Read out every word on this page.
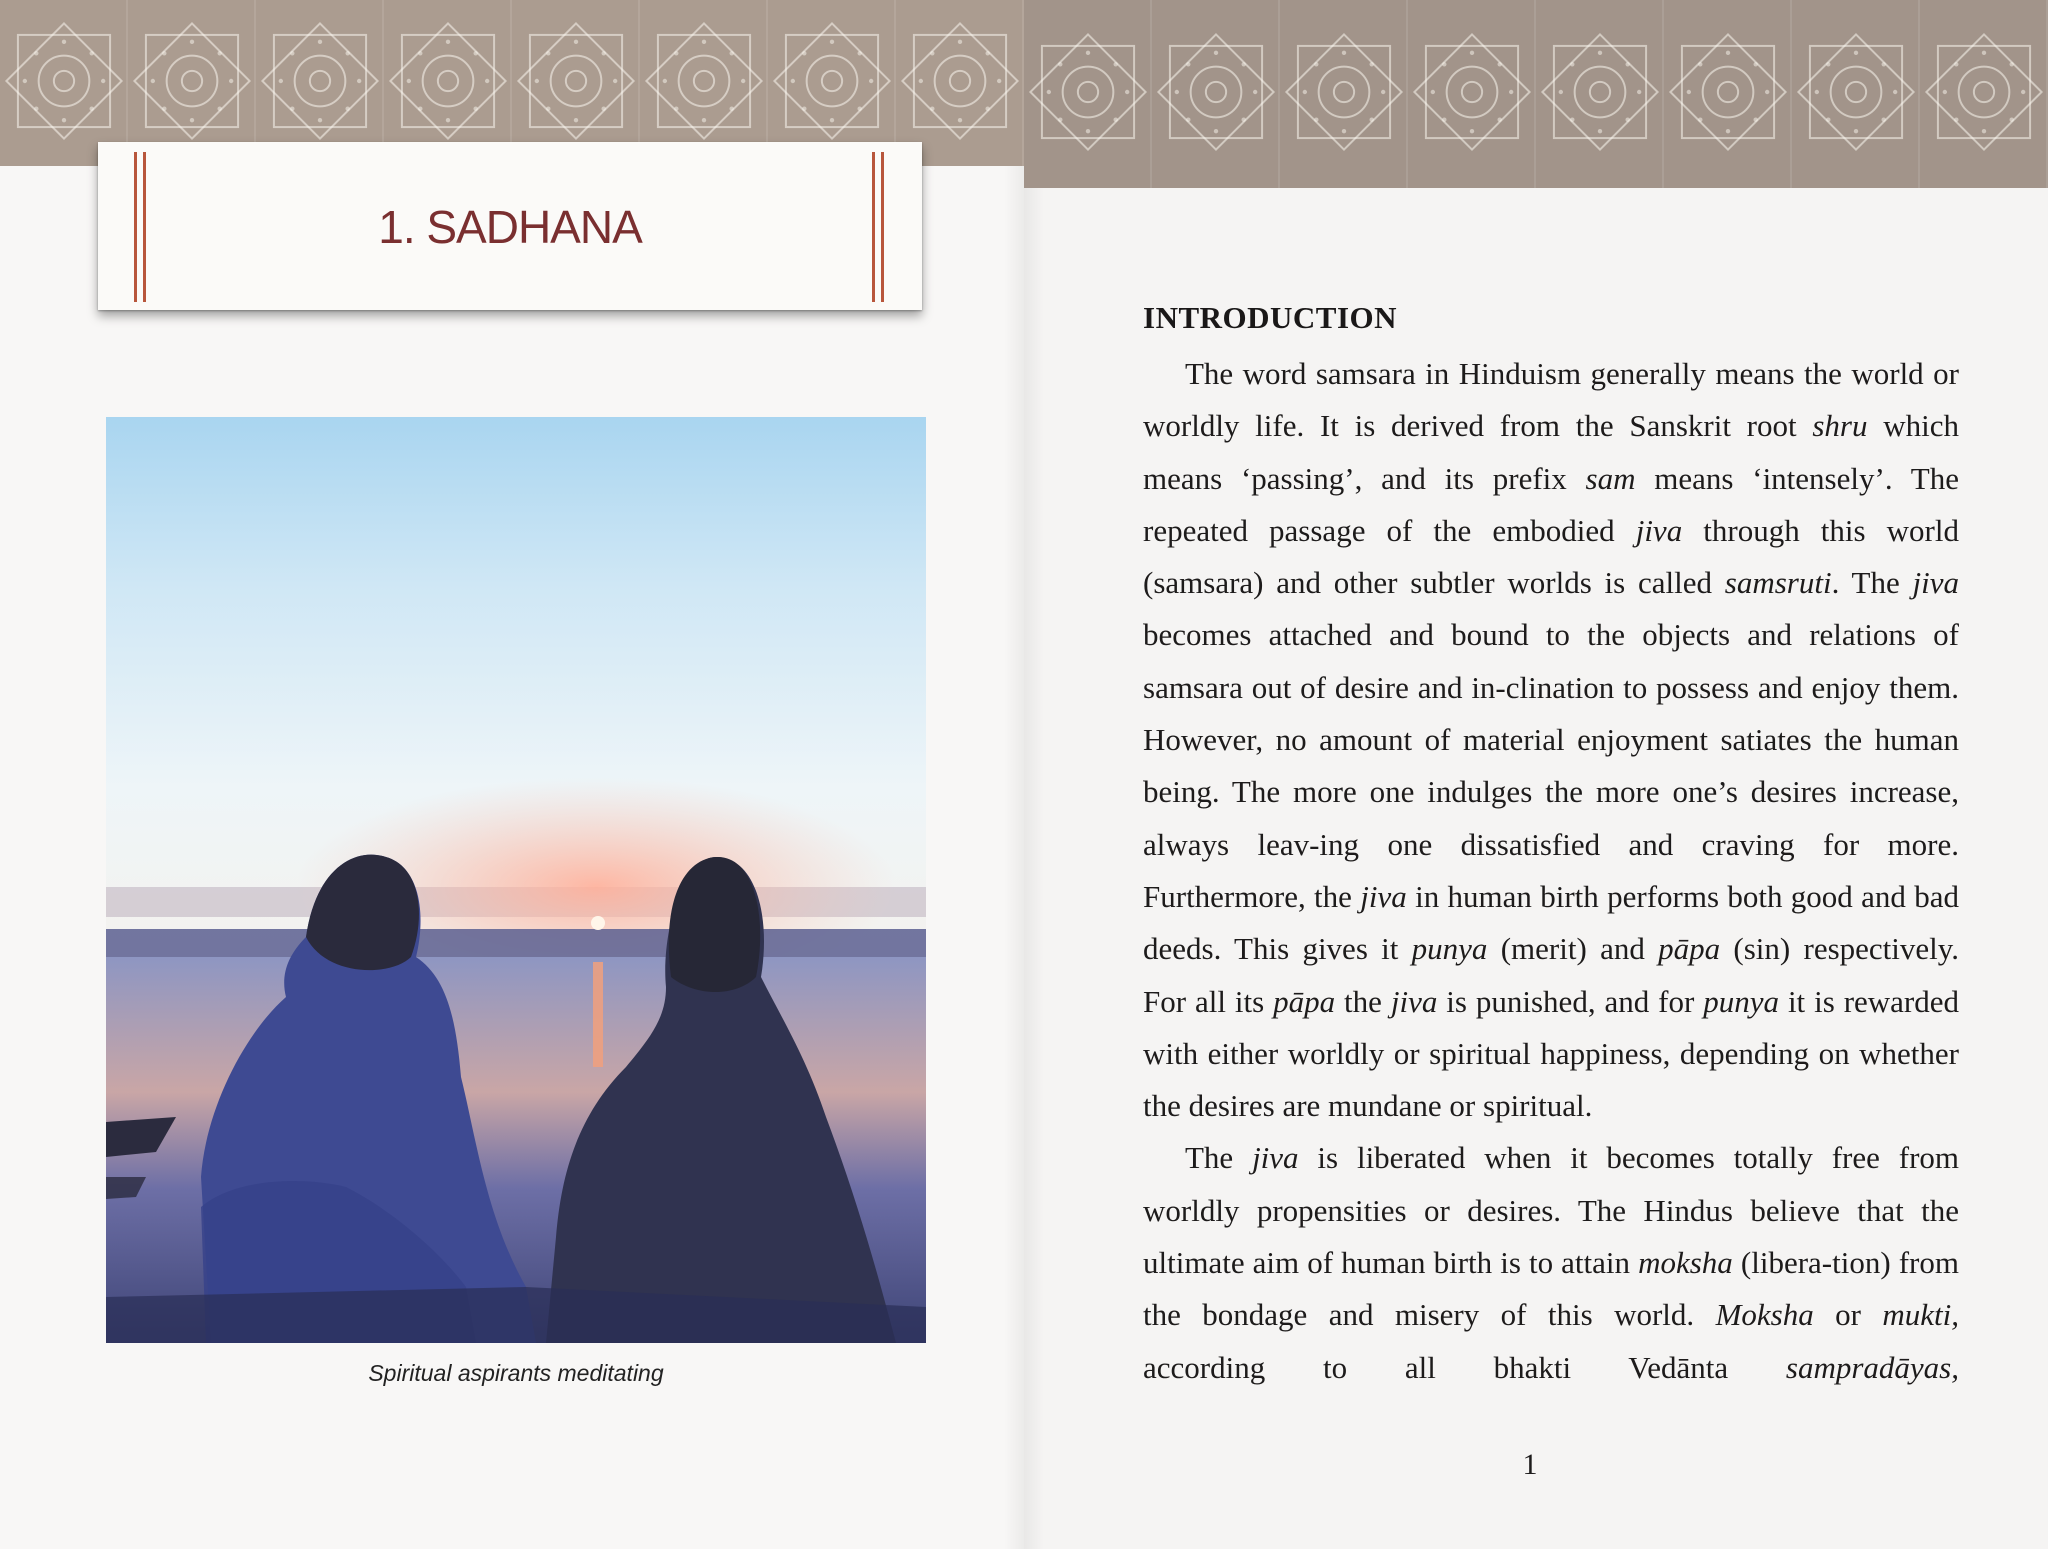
1. SADHANA
Spiritual aspirants meditating
INTRODUCTION

The word samsara in Hinduism generally means the world or worldly life. It is derived from the Sanskrit root shru which means ‘passing’, and its prefix sam means ‘intensely’. The repeated passage of the embodied jiva through this world (samsara) and other subtler worlds is called samsruti. The jiva becomes attached and bound to the objects and relations of samsara out of desire and in-clination to possess and enjoy them. However, no amount of material enjoyment satiates the human being. The more one indulges the more one’s desires increase, always leav-ing one dissatisfied and craving for more. Furthermore, the jiva in human birth performs both good and bad deeds. This gives it punya (merit) and pāpa (sin) respectively. For all its pāpa the jiva is punished, and for punya it is rewarded with either worldly or spiritual happiness, depending on whether the desires are mundane or spiritual.

The jiva is liberated when it becomes totally free from worldly propensities or desires. The Hindus believe that the ultimate aim of human birth is to attain moksha (libera-tion) from the bondage and misery of this world. Moksha or mukti, according to all bhakti Vedānta sampradāyas,

1
